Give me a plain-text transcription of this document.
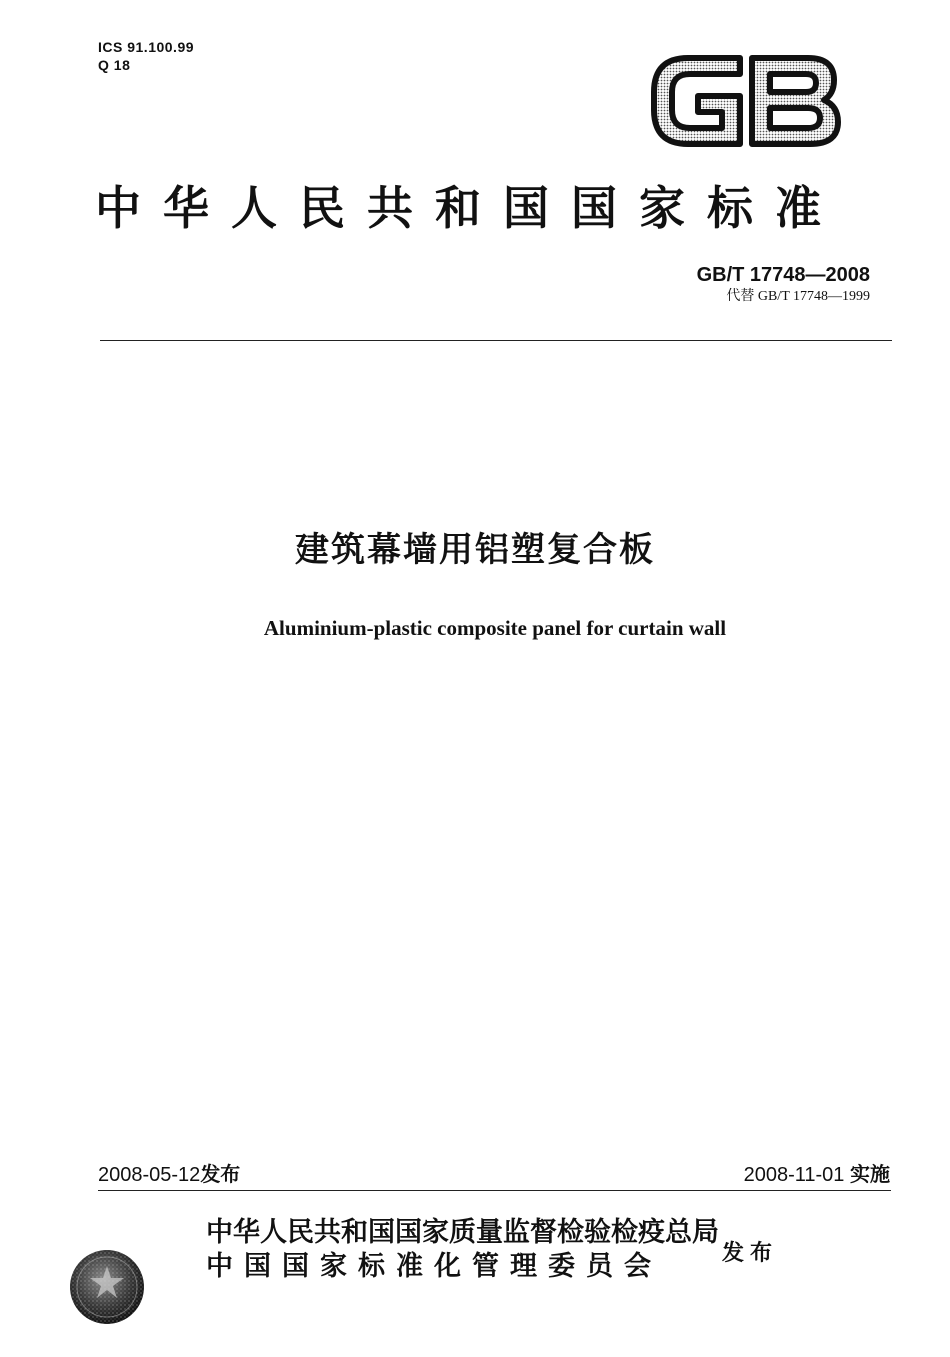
ICS 91.100.99
Q 18
中华人民共和国国家标准
GB/T 17748—2008
代替 GB/T 17748—1999
建筑幕墙用铝塑复合板
Aluminium-plastic composite panel for curtain wall
2008-05-12发布	2008-11-01 实施
中华人民共和国国家质量监督检验检疫总局
中国国家标准化管理委员会	发布
